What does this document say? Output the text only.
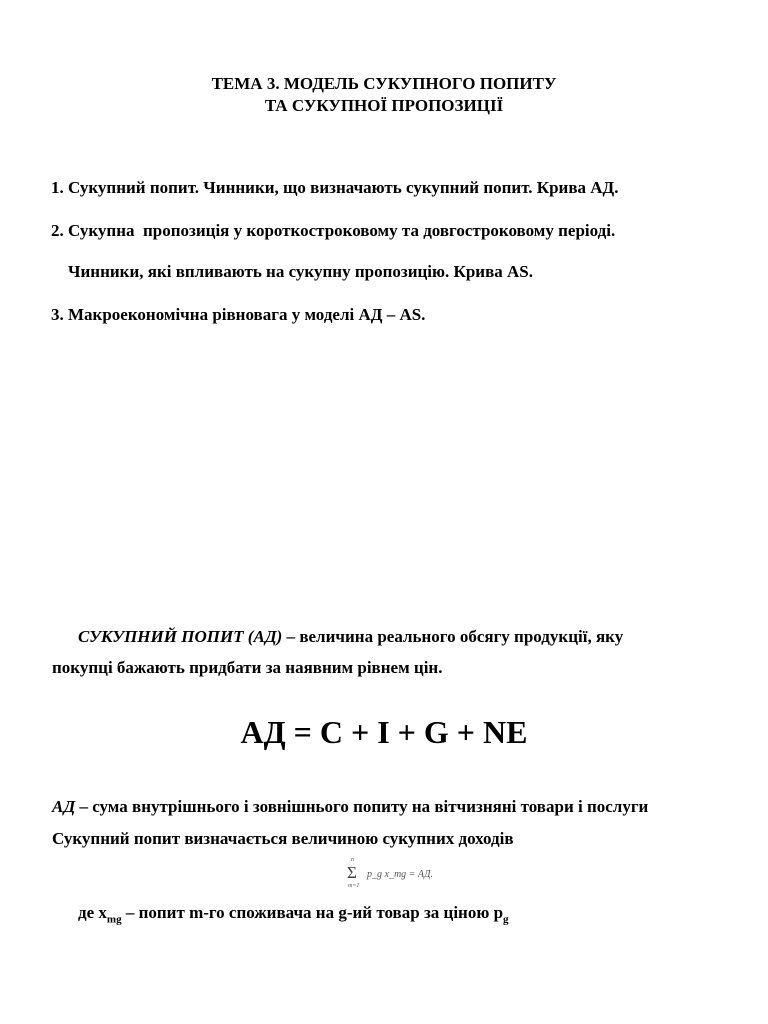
ТЕМА 3. МОДЕЛЬ СУКУПНОГО ПОПИТУ
ТА СУКУПНОЇ ПРОПОЗИЦІЇ
1. Сукупний попит. Чинники, що визначають сукупний попит. Крива АД.
2. Сукупна  пропозиція у короткостроковому та довгостроковому періоді.
Чинники, які впливають на сукупну пропозицію. Крива AS.
3. Макроекономічна рівновага у моделі АД – AS.
СУКУПНИЙ ПОПИТ (АД) – величина реального обсягу продукції, яку
покупці бажають придбати за наявним рівнем цін.
АД = C + I + G + NE
АД – сума внутрішнього і зовнішнього попиту на вітчизняні товари і послуги
Сукупний попит визначається величиною сукупних доходів
n
Σ
m=1
p_g x_mg = АД.
де $x_{mg}$ – попит m-го споживача на g-ий товар за ціною $p_g$
